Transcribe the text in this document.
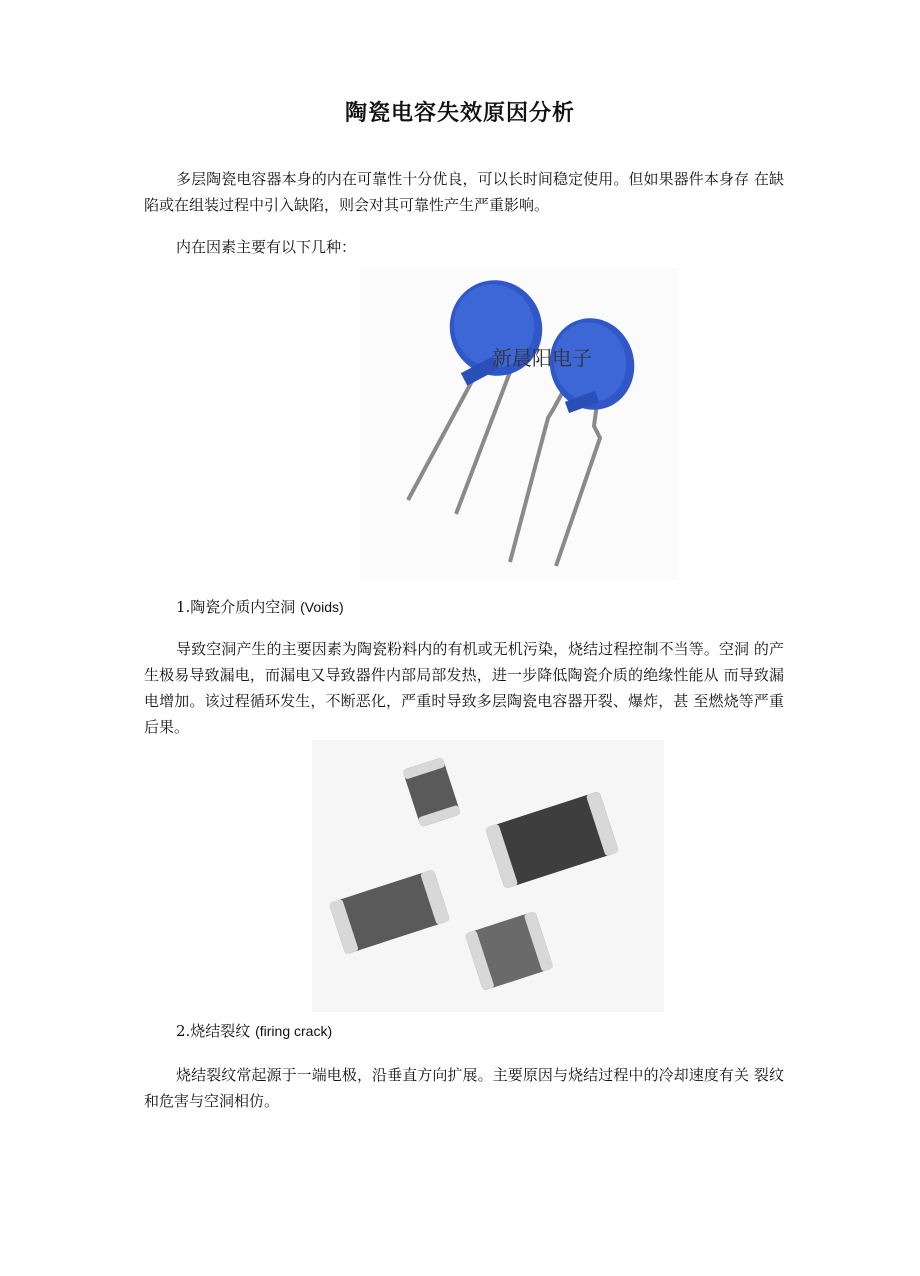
陶瓷电容失效原因分析

多层陶瓷电容器本身的内在可靠性十分优良，可以长时间稳定使用。但如果器件本身存 在缺陷或在组装过程中引入缺陷，则会对其可靠性产生严重影响。

内在因素主要有以下几种：

新晨阳电子
1.陶瓷介质内空洞 (Voids)

导致空洞产生的主要因素为陶瓷粉料内的有机或无机污染，烧结过程控制不当等。空洞 的产生极易导致漏电，而漏电又导致器件内部局部发热，进一步降低陶瓷介质的绝缘性能从 而导致漏电增加。该过程循环发生，不断恶化，严重时导致多层陶瓷电容器开裂、爆炸，甚 至燃烧等严重后果。

2.烧结裂纹 (firing crack)

烧结裂纹常起源于一端电极，沿垂直方向扩展。主要原因与烧结过程中的冷却速度有关 裂纹和危害与空洞相仿。
